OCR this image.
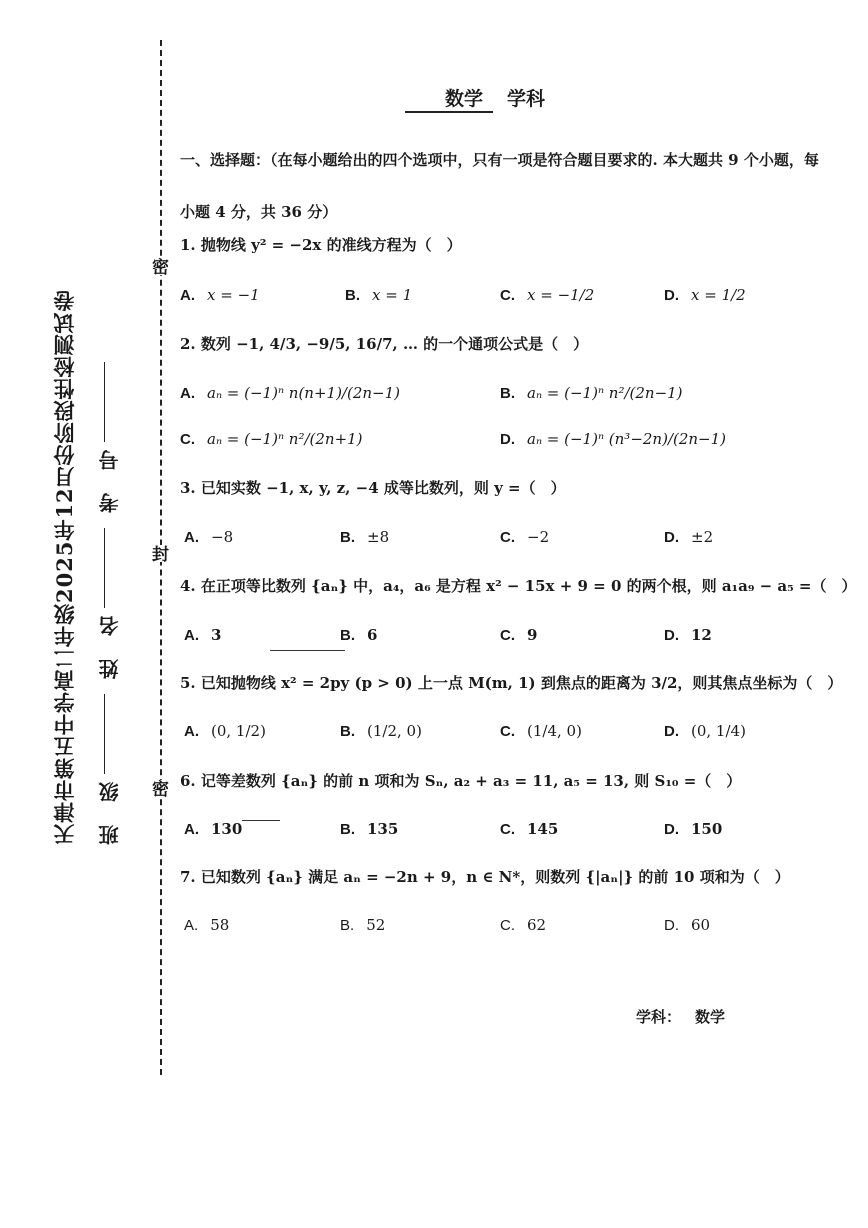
密
封
密
天津市第五中学高二年级2025年12月份阶段性检测试卷 班 级 姓 名 考 号
数学 学科
一、选择题：（在每小题给出的四个选项中，只有一项是符合题目要求的. 本大题共 9 个小题，每小题 4 分，共 36 分）
1. 抛物线 y² = −2x 的准线方程为（　）
A. x = −1	B. x = 1	C. x = −1/2	D. x = 1/2
2. 数列 −1, 4/3, −9/5, 16/7, … 的一个通项公式是（　）
A. aₙ = (−1)ⁿ n(n+1)/(2n−1)	B. aₙ = (−1)ⁿ n²/(2n−1)
C. aₙ = (−1)ⁿ n²/(2n+1)	D. aₙ = (−1)ⁿ (n³−2n)/(2n−1)
3. 已知实数 −1, x, y, z, −4 成等比数列，则 y =（　）
A. −8	B. ±8	C. −2	D. ±2
4. 在正项等比数列 {aₙ} 中，a₄，a₆ 是方程 x² − 15x + 9 = 0 的两个根，则 a₁a₉ − a₅ =（　）
A. 3	B. 6	C. 9	D. 12
5. 已知抛物线 x² = 2py (p > 0) 上一点 M(m, 1) 到焦点的距离为 3/2，则其焦点坐标为（　）
A. (0, 1/2)	B. (1/2, 0)	C. (1/4, 0)	D. (0, 1/4)
6. 记等差数列 {aₙ} 的前 n 项和为 Sₙ, a₂ + a₃ = 11, a₅ = 13, 则 S₁₀ =（　）
A. 130	B. 135	C. 145	D. 150
7. 已知数列 {aₙ} 满足 aₙ = −2n + 9，n ∈ N*，则数列 {|aₙ|} 的前 10 项和为（　）
A. 58	B. 52	C. 62	D. 60
学科： 数学
